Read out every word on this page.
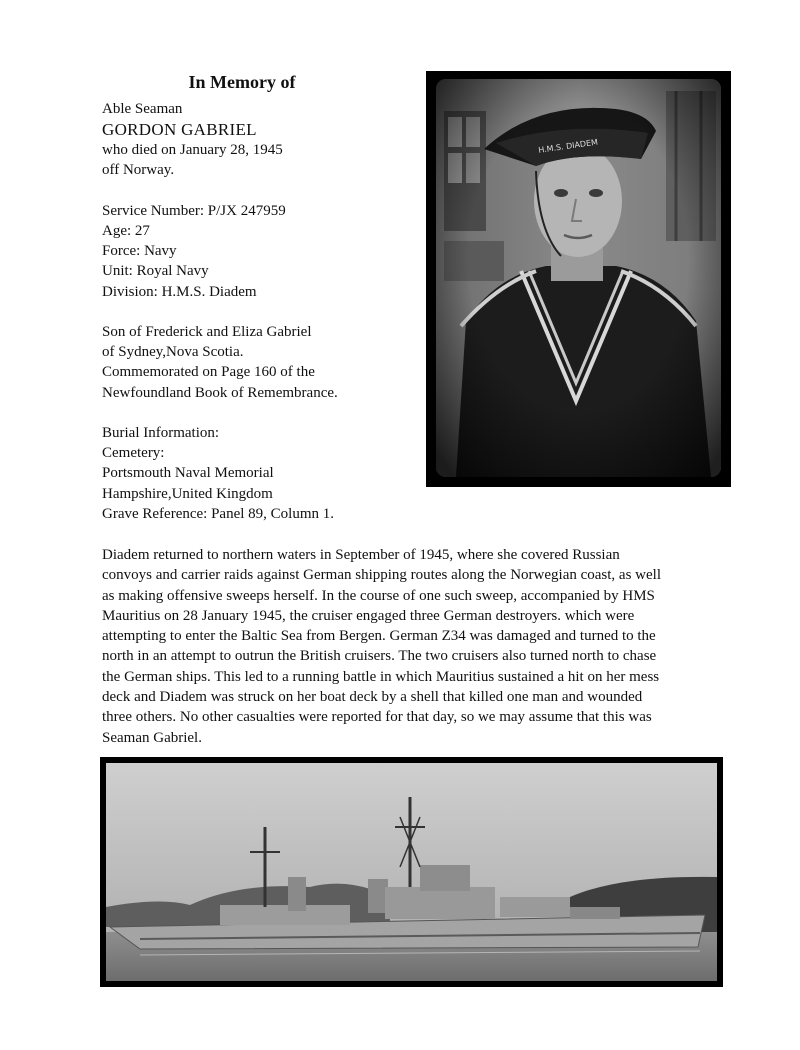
In Memory of
Able Seaman
GORDON GABRIEL
who died on January 28, 1945
off Norway.
Service Number: P/JX 247959
Age: 27
Force: Navy
Unit: Royal Navy
Division: H.M.S. Diadem
Son of Frederick and Eliza Gabriel
of Sydney,Nova Scotia.
Commemorated on Page 160 of the
Newfoundland Book of Remembrance.
Burial Information:
Cemetery:
Portsmouth Naval Memorial
Hampshire,United Kingdom
Grave Reference: Panel 89, Column 1.
Diadem returned to northern waters in September of 1945, where she covered Russian
convoys and carrier raids against German shipping routes along the Norwegian coast, as well
as making offensive sweeps herself. In the course of one such sweep, accompanied by HMS
Mauritius on 28 January 1945, the cruiser engaged three German destroyers. which were
attempting to enter the Baltic Sea from Bergen. German Z34 was damaged and turned to the
north in an attempt to outrun the British cruisers. The two cruisers also turned north to chase
the German ships. This led to a running battle in which Mauritius sustained a hit on her mess
deck and Diadem was struck on her boat deck by a shell that killed one man and wounded
three others. No other casualties were reported for that day, so we may assume that this was
Seaman Gabriel.
